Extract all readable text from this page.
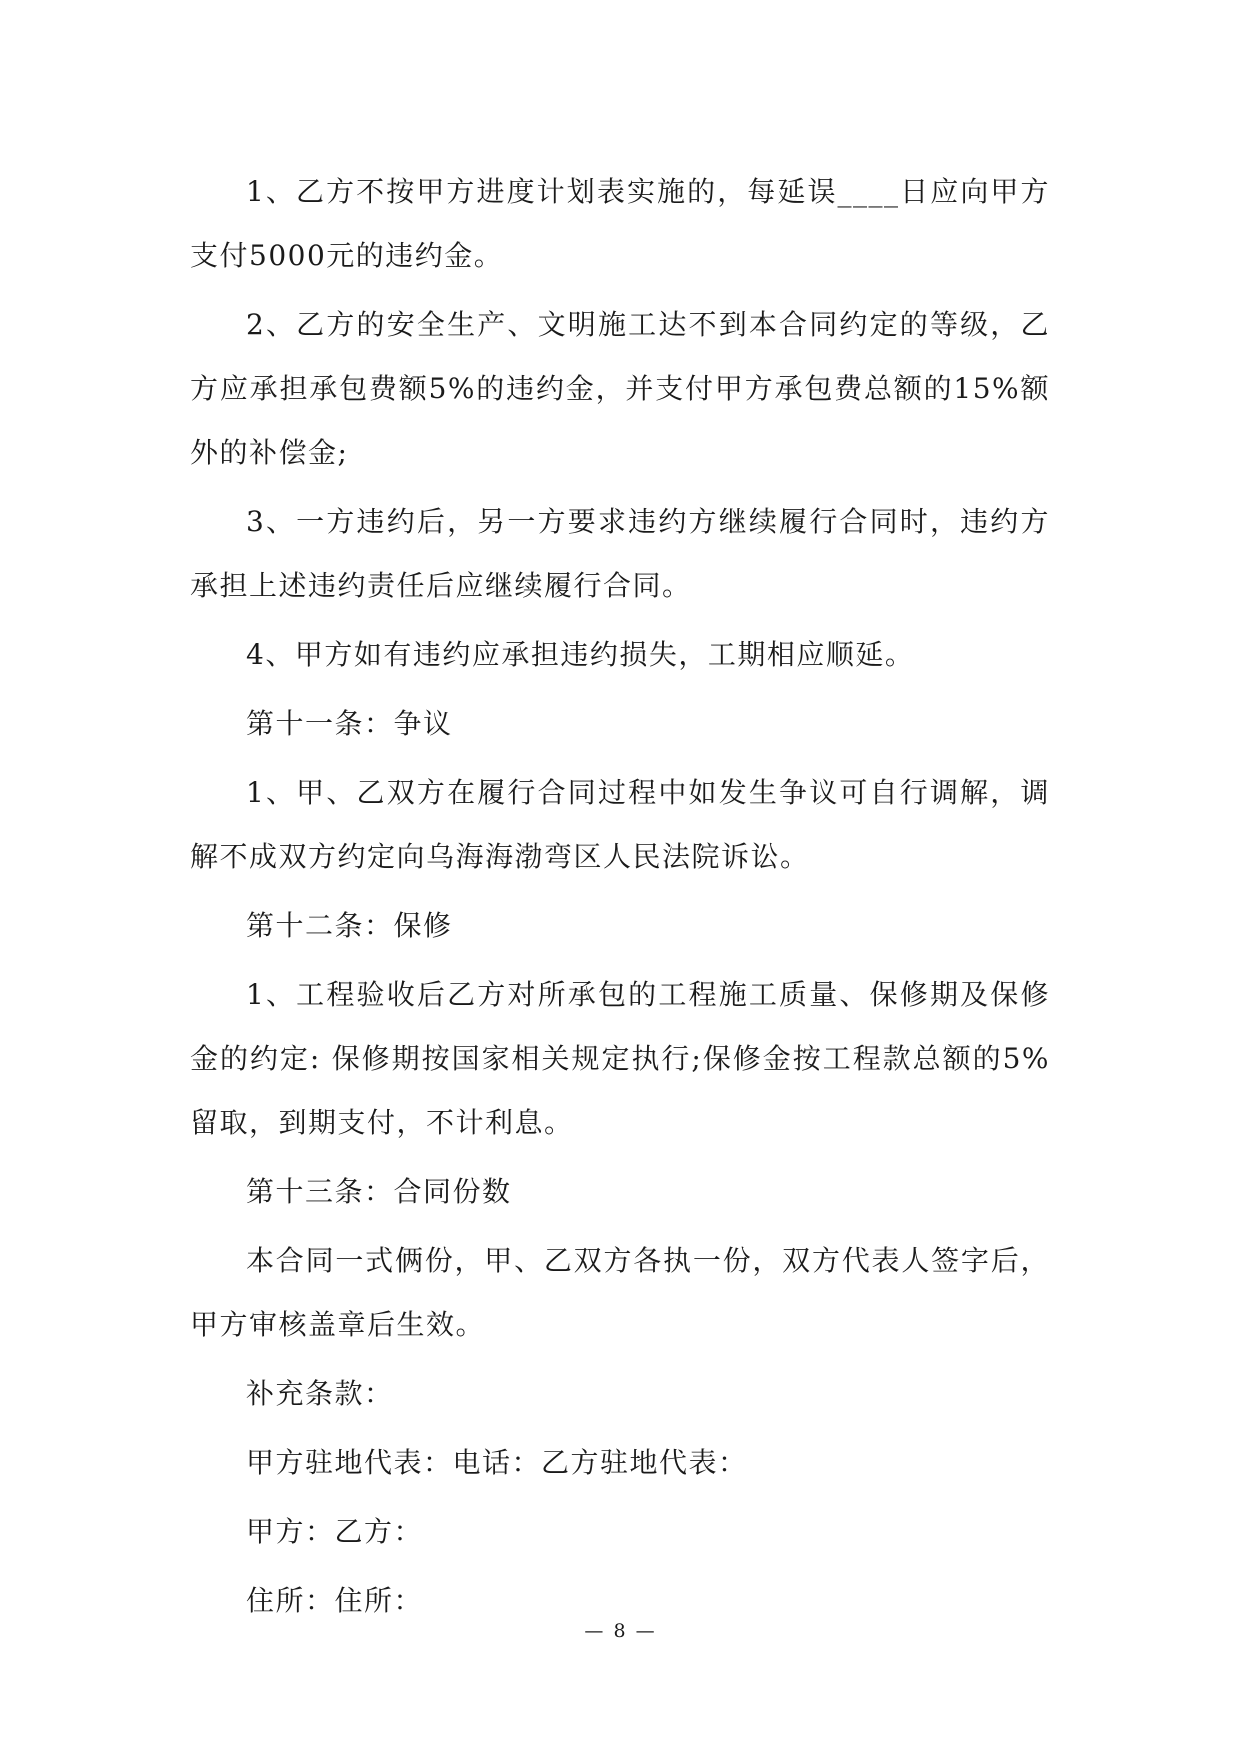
1、乙方不按甲方进度计划表实施的，每延误____日应向甲方支付5000元的违约金。

2、乙方的安全生产、文明施工达不到本合同约定的等级，乙方应承担承包费额5%的违约金，并支付甲方承包费总额的15%额外的补偿金;

3、一方违约后，另一方要求违约方继续履行合同时，违约方承担上述违约责任后应继续履行合同。

4、甲方如有违约应承担违约损失，工期相应顺延。

第十一条：争议

1、甲、乙双方在履行合同过程中如发生争议可自行调解，调解不成双方约定向乌海海渤弯区人民法院诉讼。

第十二条：保修

1、工程验收后乙方对所承包的工程施工质量、保修期及保修金的约定: 保修期按国家相关规定执行;保修金按工程款总额的5%留取，到期支付，不计利息。

第十三条：合同份数

本合同一式俩份，甲、乙双方各执一份，双方代表人签字后，甲方审核盖章后生效。

补充条款：

甲方驻地代表：电话：乙方驻地代表：

甲方：乙方：

住所：住所：

— 8 —
